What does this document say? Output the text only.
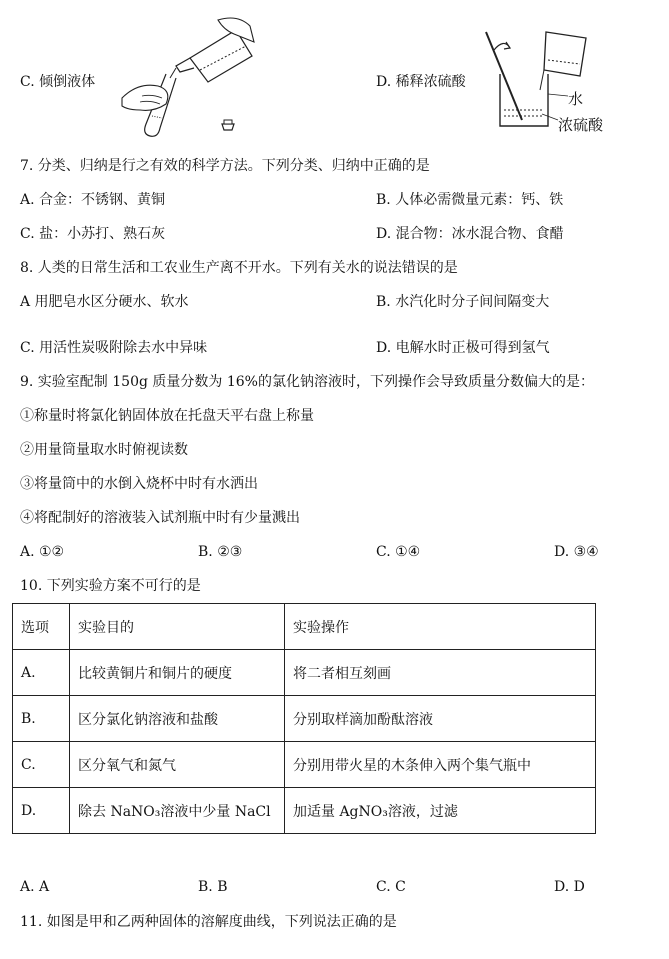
水
浓硫酸
C. 倾倒液体	D. 稀释浓硫酸
7. 分类、归纳是行之有效的科学方法。下列分类、归纳中正确的是
A. 合金：不锈钢、黄铜	B. 人体必需微量元素：钙、铁
C. 盐：小苏打、熟石灰	D. 混合物：冰水混合物、食醋
8. 人类的日常生活和工农业生产离不开水。下列有关水的说法错误的是
A 用肥皂水区分硬水、软水	B. 水汽化时分子间间隔变大
C. 用活性炭吸附除去水中异味	D. 电解水时正极可得到氢气
9. 实验室配制 150g 质量分数为 16%的氯化钠溶液时，下列操作会导致质量分数偏大的是：
①称量时将氯化钠固体放在托盘天平右盘上称量
②用量筒量取水时俯视读数
③将量筒中的水倒入烧杯中时有水洒出
④将配制好的溶液装入试剂瓶中时有少量溅出
A. ①②	B. ②③	C. ①④	D. ③④
10. 下列实验方案不可行的是
选项	实验目的	实验操作
A.	比较黄铜片和铜片的硬度	将二者相互刻画
B.	区分氯化钠溶液和盐酸	分别取样滴加酚酞溶液
C.	区分氧气和氮气	分别用带火星的木条伸入两个集气瓶中
D.	除去 NaNO₃溶液中少量 NaCl	加适量 AgNO₃溶液，过滤
A. A	B. B	C. C	D. D
11. 如图是甲和乙两种固体的溶解度曲线，下列说法正确的是
